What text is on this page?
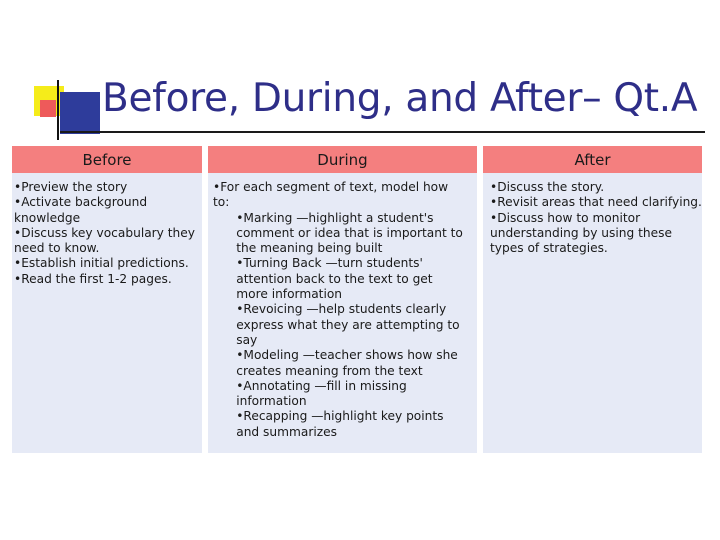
Before, During, and After– Qt.A
Before
•Preview the story
•Activate background
knowledge
•Discuss key vocabulary they
need to know.
•Establish initial predictions.
•Read the first 1-2 pages.
During
•For each segment of text, model how
to:
•Marking —highlight a student's
comment or idea that is important to
the meaning being built
•Turning Back —turn students'
attention back to the text to get
more information
•Revoicing —help students clearly
express what they are attempting to
say
•Modeling —teacher shows how she
creates meaning from the text
•Annotating —fill in missing
information
•Recapping —highlight key points
and summarizes
After
•Discuss the story.
•Revisit areas that need clarifying.
•Discuss how to monitor
understanding by using these
types of strategies.
